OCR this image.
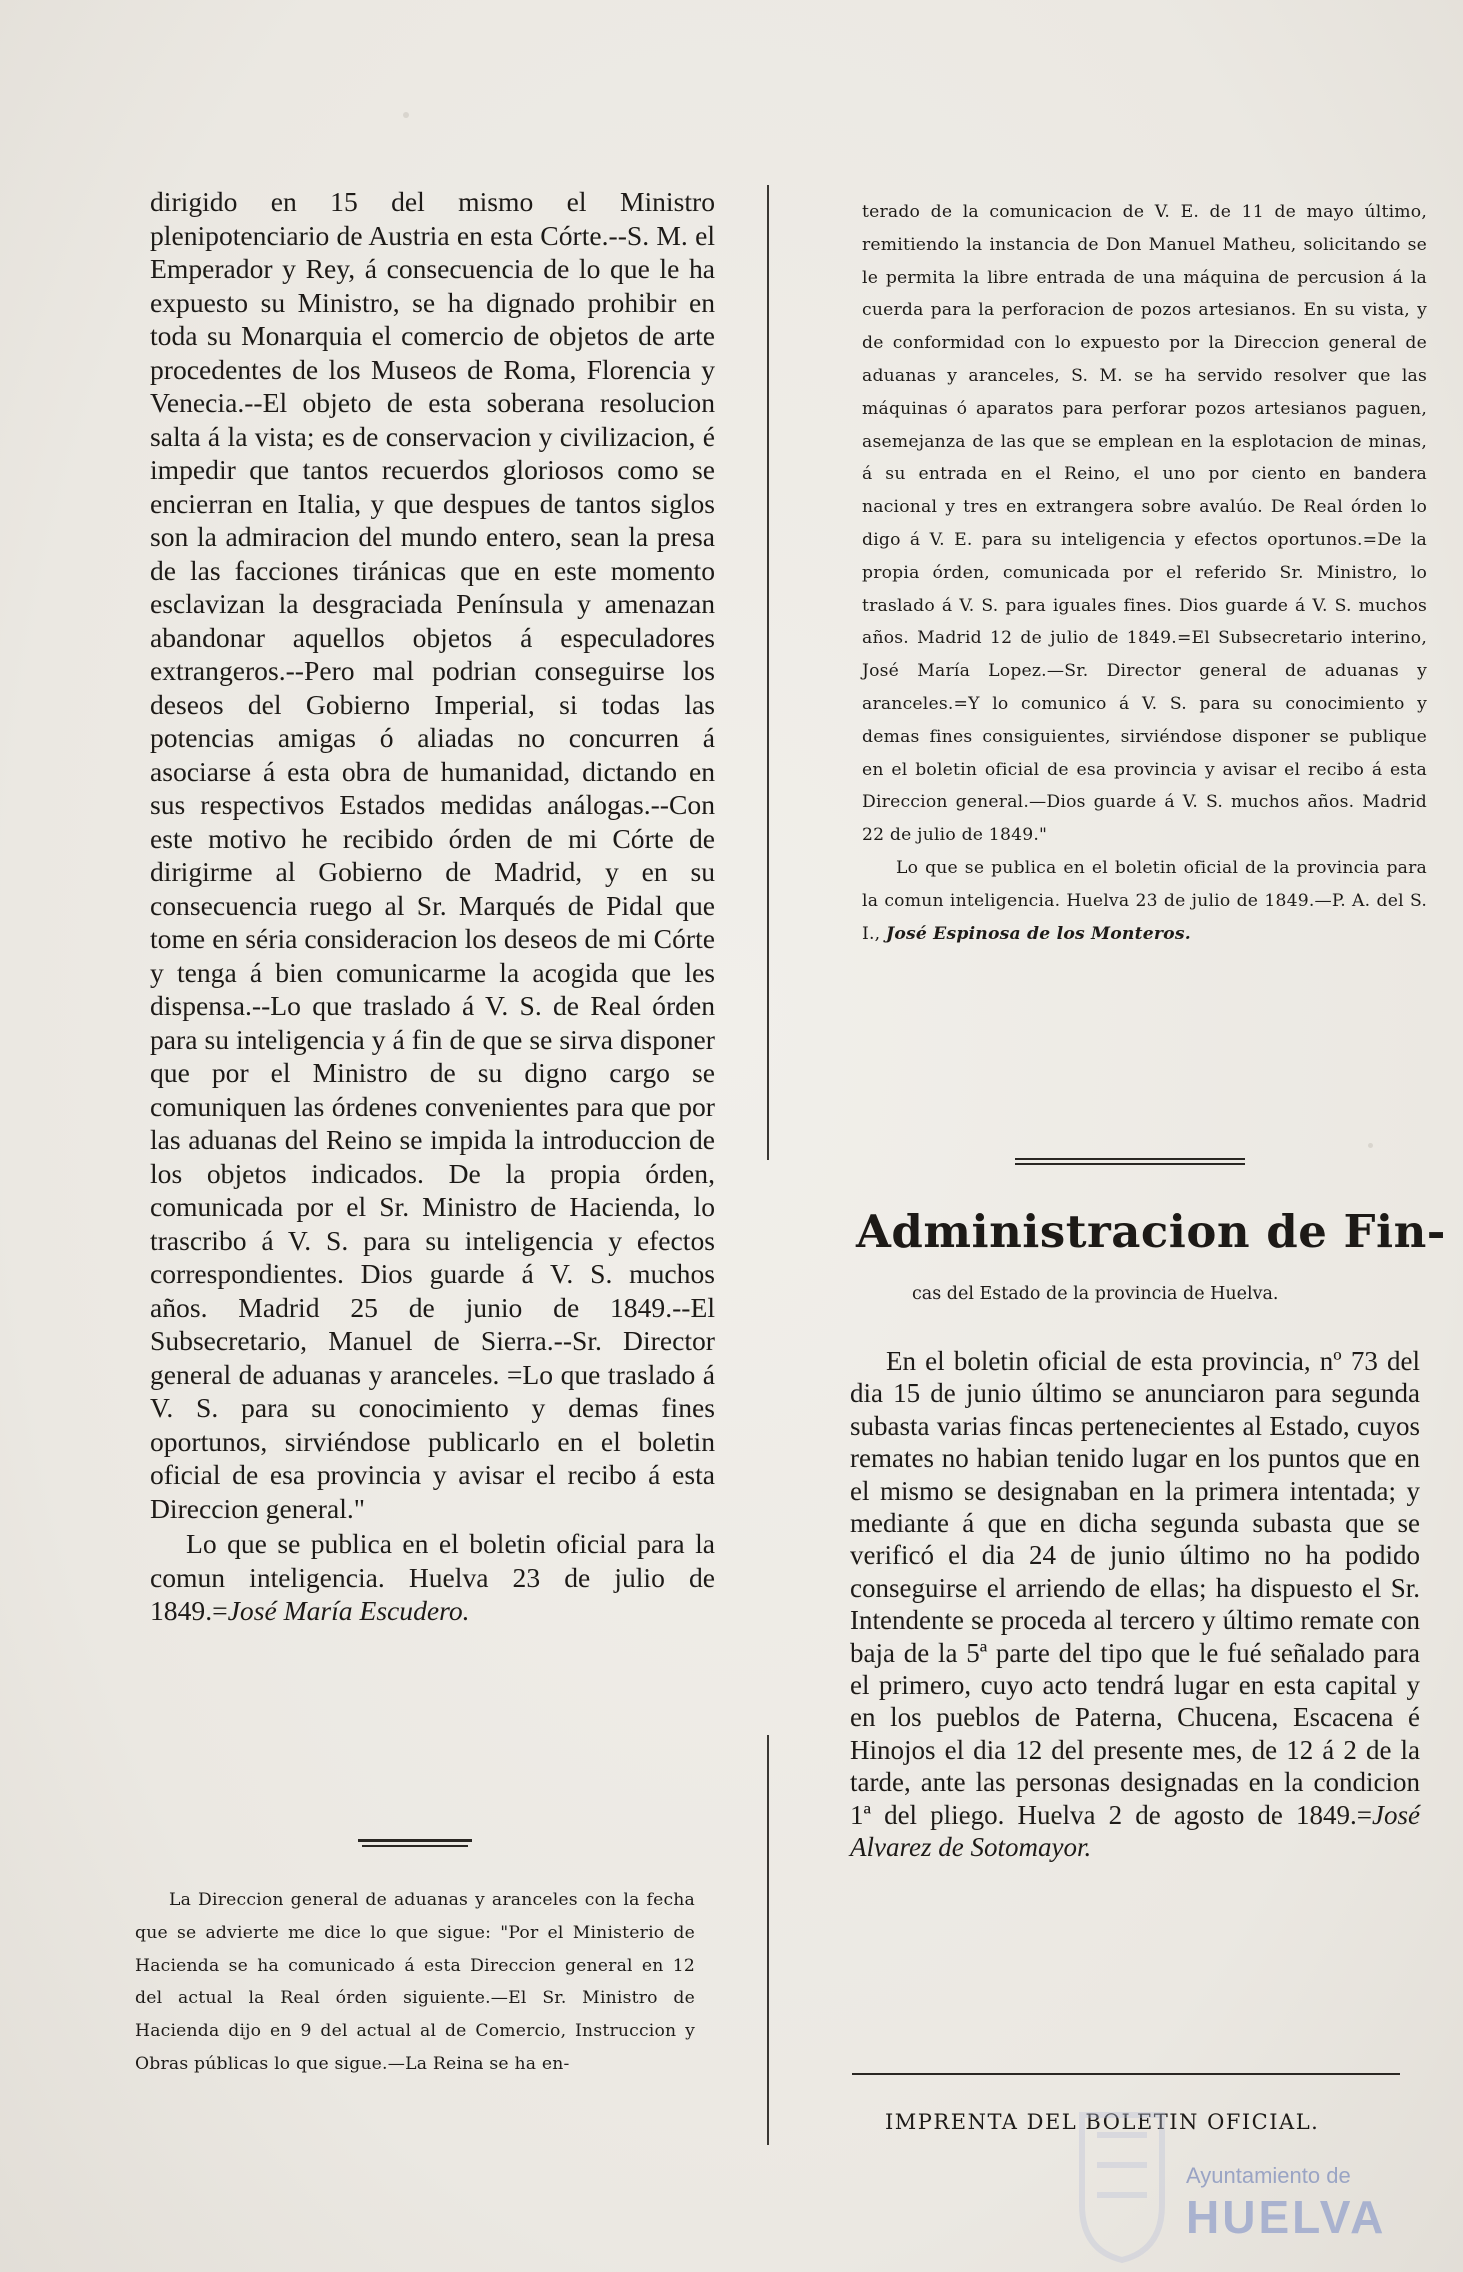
dirigido en 15 del mismo el Ministro plenipotenciario de Austria en esta Córte.--S. M. el Emperador y Rey, á consecuencia de lo que le ha expuesto su Ministro, se ha dignado prohibir en toda su Monarquia el comercio de objetos de arte procedentes de los Museos de Roma, Florencia y Venecia.--El objeto de esta soberana resolucion salta á la vista; es de conservacion y civilizacion, é impedir que tantos recuerdos gloriosos como se encierran en Italia, y que despues de tantos siglos son la admiracion del mundo entero, sean la presa de las facciones tiránicas que en este momento esclavizan la desgraciada Península y amenazan abandonar aquellos objetos á especuladores extrangeros.--Pero mal podrian conseguirse los deseos del Gobierno Imperial, si todas las potencias amigas ó aliadas no concurren á asociarse á esta obra de humanidad, dictando en sus respectivos Estados medidas análogas.--Con este motivo he recibido órden de mi Córte de dirigirme al Gobierno de Madrid, y en su consecuencia ruego al Sr. Marqués de Pidal que tome en séria consideracion los deseos de mi Córte y tenga á bien comunicarme la acogida que les dispensa.--Lo que traslado á V. S. de Real órden para su inteligencia y á fin de que se sirva disponer que por el Ministro de su digno cargo se comuniquen las órdenes convenientes para que por las aduanas del Reino se impida la introduccion de los objetos indicados. De la propia órden, comunicada por el Sr. Ministro de Hacienda, lo trascribo á V. S. para su inteligencia y efectos correspondientes. Dios guarde á V. S. muchos años. Madrid 25 de junio de 1849.--El Subsecretario, Manuel de Sierra.--Sr. Director general de aduanas y aranceles. =Lo que traslado á V. S. para su conocimiento y demas fines oportunos, sirviéndose publicarlo en el boletin oficial de esa provincia y avisar el recibo á esta Direccion general."

Lo que se publica en el boletin oficial para la comun inteligencia. Huelva 23 de julio de 1849.=José María Escudero.

La Direccion general de aduanas y aranceles con la fecha que se advierte me dice lo que sigue: "Por el Ministerio de Hacienda se ha comunicado á esta Direccion general en 12 del actual la Real órden siguiente.—El Sr. Ministro de Hacienda dijo en 9 del actual al de Comercio, Instruccion y Obras públicas lo que sigue.—La Reina se ha en-

terado de la comunicacion de V. E. de 11 de mayo último, remitiendo la instancia de Don Manuel Matheu, solicitando se le permita la libre entrada de una máquina de percusion á la cuerda para la perforacion de pozos artesianos. En su vista, y de conformidad con lo expuesto por la Direccion general de aduanas y aranceles, S. M. se ha servido resolver que las máquinas ó aparatos para perforar pozos artesianos paguen, asemejanza de las que se emplean en la esplotacion de minas, á su entrada en el Reino, el uno por ciento en bandera nacional y tres en extrangera sobre avalúo. De Real órden lo digo á V. E. para su inteligencia y efectos oportunos.=De la propia órden, comunicada por el referido Sr. Ministro, lo traslado á V. S. para iguales fines. Dios guarde á V. S. muchos años. Madrid 12 de julio de 1849.=El Subsecretario interino, José María Lopez.—Sr. Director general de aduanas y aranceles.=Y lo comunico á V. S. para su conocimiento y demas fines consiguientes, sirviéndose disponer se publique en el boletin oficial de esa provincia y avisar el recibo á esta Direccion general.—Dios guarde á V. S. muchos años. Madrid 22 de julio de 1849."

Lo que se publica en el boletin oficial de la provincia para la comun inteligencia. Huelva 23 de julio de 1849.—P. A. del S. I., José Espinosa de los Monteros.

Administracion de Fin-

cas del Estado de la provincia de Huelva.

En el boletin oficial de esta provincia, nº 73 del dia 15 de junio último se anunciaron para segunda subasta varias fincas pertenecientes al Estado, cuyos remates no habian tenido lugar en los puntos que en el mismo se designaban en la primera intentada; y mediante á que en dicha segunda subasta que se verificó el dia 24 de junio último no ha podido conseguirse el arriendo de ellas; ha dispuesto el Sr. Intendente se proceda al tercero y último remate con baja de la 5ª parte del tipo que le fué señalado para el primero, cuyo acto tendrá lugar en esta capital y en los pueblos de Paterna, Chucena, Escacena é Hinojos el dia 12 del presente mes, de 12 á 2 de la tarde, ante las personas designadas en la condicion 1ª del pliego. Huelva 2 de agosto de 1849.=José Alvarez de Sotomayor.

IMPRENTA DEL BOLETIN OFICIAL.

Ayuntamiento de
HUELVA
